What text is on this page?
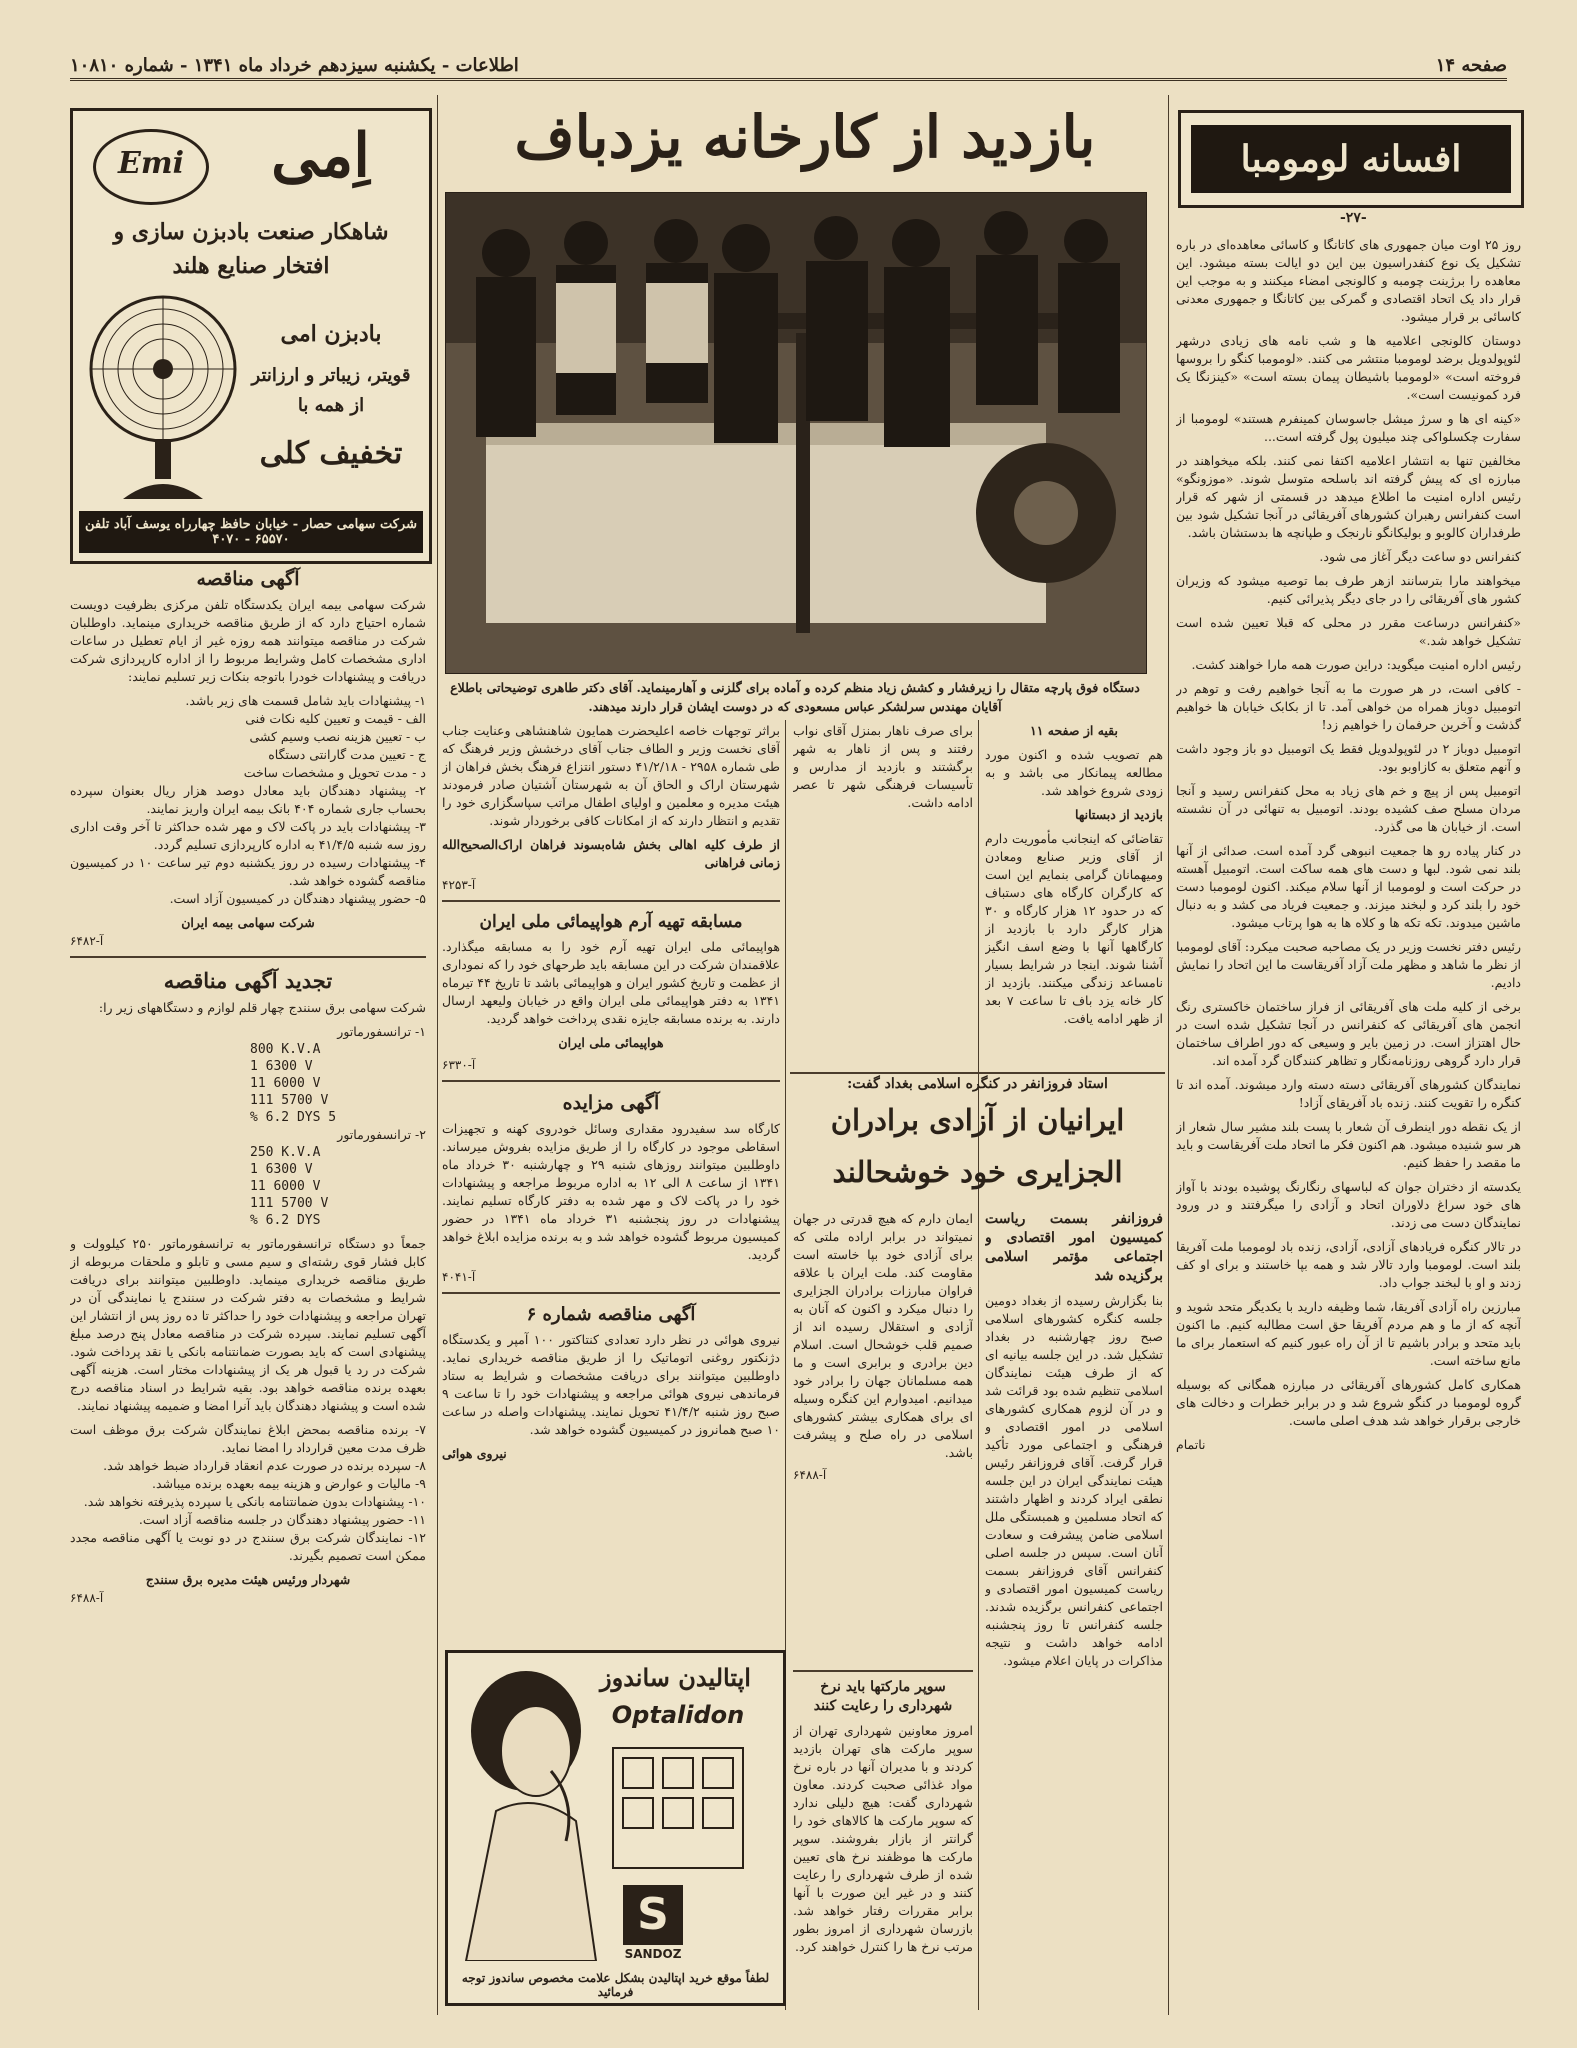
صفحه ۱۴
اطلاعات - یکشنبه سیزدهم خرداد ماه ۱۳۴۱ - شماره ۱۰۸۱۰
افسانه لومومبا
-۲۷-

روز ۲۵ اوت میان جمهوری های کاتانگا و کاسائی معاهده‌ای در باره تشکیل یک نوع کنفدراسیون بین این دو ایالت بسته میشود. این معاهده را برژینت چومبه و کالونجی امضاء میکنند و به موجب این قرار داد یک اتحاد اقتصادی و گمرکی بین کاتانگا و جمهوری معدنی کاسائی بر قرار میشود.

دوستان کالونجی اعلامیه ها و شب نامه های زیادی درشهر لئوپولدویل برضد لومومبا منتشر می کنند. «لومومبا کنگو را بروسها فروخته است» «لومومبا باشیطان پیمان بسته است» «کینزنگا یک فرد کمونیست است».

«کینه ای ها و سرژ میشل جاسوسان کمینفرم هستند» لومومبا از سفارت چکسلواکی چند میلیون پول گرفته است...

مخالفین تنها به انتشار اعلامیه اکتفا نمی کنند. بلکه میخواهند در مبارزه ای که پیش گرفته اند باسلحه متوسل شوند. «موزونگو» رئیس اداره امنیت ما اطلاع میدهد در قسمتی از شهر که قرار است کنفرانس رهبران کشورهای آفریقائی در آنجا تشکیل شود بین طرفداران کالوبو و بولیکانگو نارنجک و طپانچه ها بدستشان باشد.

کنفرانس دو ساعت دیگر آغاز می شود.

میخواهند مارا بترسانند ازهر طرف بما توصیه میشود که وزیران کشور های آفریقائی را در جای دیگر پذیرائی کنیم.

«کنفرانس درساعت مقرر در محلی که قبلا تعیین شده است تشکیل خواهد شد.»

رئیس اداره امنیت میگوید: دراین صورت همه مارا خواهند کشت.

- کافی است، در هر صورت ما به آنجا خواهیم رفت و توهم در اتومبیل دوباز همراه من خواهی آمد. تا از بکابک خیابان ها خواهیم گذشت و آخرین حرفمان را خواهیم زد!

اتومبیل دوباز ۲ در لئوپولدویل فقط یک اتومبیل دو باز وجود داشت و آنهم متعلق به کازاوبو بود.

اتومبیل پس از پیچ و خم های زیاد به محل کنفرانس رسید و آنجا مردان مسلح صف کشیده بودند. اتومبیل به تنهائی در آن نشسته است. از خیابان ها می گذرد.

در کنار پیاده رو ها جمعیت انبوهی گرد آمده است. صدائی از آنها بلند نمی شود. لبها و دست های همه ساکت است. اتومبیل آهسته در حرکت است و لومومبا از آنها سلام میکند. اکنون لومومبا دست خود را بلند کرد و لبخند میزند. و جمعیت فریاد می کشد و به دنبال ماشین میدوند. تکه تکه ها و کلاه ها به هوا پرتاب میشود.

رئیس دفتر نخست وزیر در یک مصاحبه صحبت میکرد: آقای لومومبا از نظر ما شاهد و مظهر ملت آزاد آفریقاست ما این اتحاد را نمایش دادیم.

برخی از کلیه ملت های آفریقائی از فراز ساختمان خاکستری رنگ انجمن های آفریقائی که کنفرانس در آنجا تشکیل شده است در حال اهتزاز است. در زمین بایر و وسیعی که دور اطراف ساختمان قرار دارد گروهی روزنامه‌نگار و تظاهر کنندگان گرد آمده اند.

نمایندگان کشورهای آفریقائی دسته دسته وارد میشوند. آمده اند تا کنگره را تقویت کنند. زنده باد آفریقای آزاد!

از یک نقطه دور اینطرف آن شعار با پست بلند مشیر سال شعار از هر سو شنیده میشود. هم اکنون فکر ما اتحاد ملت آفریقاست و باید ما مقصد را حفظ کنیم.

یکدسته از دختران جوان که لباسهای رنگارنگ پوشیده بودند با آواز های خود سراغ دلاوران اتحاد و آزادی را میگرفتند و در ورود نمایندگان دست می زدند.

در تالار کنگره فریادهای آزادی، آزادی، زنده باد لومومبا ملت آفریقا بلند است. لومومبا وارد تالار شد و همه بپا خاستند و برای او کف زدند و او با لبخند جواب داد.

مبارزین راه آزادی آفریقا، شما وظیفه دارید با یکدیگر متحد شوید و آنچه که از ما و هم مردم آفریقا حق است مطالبه کنیم. ما اکنون باید متحد و برادر باشیم تا از آن راه عبور کنیم که استعمار برای ما مانع ساخته است.

همکاری کامل کشورهای آفریقائی در مبارزه همگانی که بوسیله گروه لومومبا در کنگو شروع شد و در برابر خطرات و دخالت های خارجی برقرار خواهد شد هدف اصلی ماست.

ناتمام

بازدید از کارخانه یزدباف
دستگاه فوق پارچه متقال را زیرفشار و کشش زیاد منظم کرده و آماده برای گلزنی و آهارمینماید. آقای دکتر طاهری توضیحاتی باطلاع آقایان مهندس سرلشکر عباس مسعودی که در دوست ایشان قرار دارند میدهند.

بقیه از صفحه ۱۱

هم تصویب شده و اکنون مورد مطالعه پیمانکار می باشد و به زودی شروع خواهد شد.

بازدید از دبستانها

تقاضائی که اینجانب مأموریت دارم از آقای وزیر صنایع ومعادن ومیهمانان گرامی بنمایم این است که کارگران کارگاه های دستباف که در حدود ۱۲ هزار کارگاه و ۳۰ هزار کارگر دارد با بازدید از کارگاهها آنها با وضع اسف انگیز آشنا شوند. اینجا در شرایط بسیار نامساعد زندگی میکنند. بازدید از کار خانه یزد باف تا ساعت ۷ بعد از ظهر ادامه یافت.

برای صرف ناهار بمنزل آقای نواب رفتند و پس از ناهار به شهر برگشتند و بازدید از مدارس و تأسیسات فرهنگی شهر تا عصر ادامه داشت.

استاد فروزانفر در کنگره اسلامی بغداد گفت:
ایرانیان از آزادی برادران الجزایری خود خوشحالند

فروزانفر بسمت ریاست کمیسیون امور اقتصادی و اجتماعی مؤتمر اسلامی برگزیده شد

بنا بگزارش رسیده از بغداد دومین جلسه کنگره کشورهای اسلامی صبح روز چهارشنبه در بغداد تشکیل شد. در این جلسه بیانیه ای که از طرف هیئت نمایندگان اسلامی تنظیم شده بود قرائت شد و در آن لزوم همکاری کشورهای اسلامی در امور اقتصادی و فرهنگی و اجتماعی مورد تأکید قرار گرفت. آقای فروزانفر رئیس هیئت نمایندگی ایران در این جلسه نطقی ایراد کردند و اظهار داشتند که اتحاد مسلمین و همبستگی ملل اسلامی ضامن پیشرفت و سعادت آنان است. سپس در جلسه اصلی کنفرانس آقای فروزانفر بسمت ریاست کمیسیون امور اقتصادی و اجتماعی کنفرانس برگزیده شدند. جلسه کنفرانس تا روز پنجشنبه ادامه خواهد داشت و نتیجه مذاکرات در پایان اعلام میشود.

ایمان دارم که هیچ قدرتی در جهان نمیتواند در برابر اراده ملتی که برای آزادی خود بپا خاسته است مقاومت کند. ملت ایران با علاقه فراوان مبارزات برادران الجزایری را دنبال میکرد و اکنون که آنان به آزادی و استقلال رسیده اند از صمیم قلب خوشحال است. اسلام دین برادری و برابری است و ما همه مسلمانان جهان را برادر خود میدانیم. امیدوارم این کنگره وسیله ای برای همکاری بیشتر کشورهای اسلامی در راه صلح و پیشرفت باشد.

آ-۶۴۸۸

سوپر مارکتها باید نرخ شهرداری را رعایت کنند

امروز معاونین شهرداری تهران از سوپر مارکت های تهران بازدید کردند و با مدیران آنها در باره نرخ مواد غذائی صحبت کردند. معاون شهرداری گفت: هیچ دلیلی ندارد که سوپر مارکت ها کالاهای خود را گرانتر از بازار بفروشند. سوپر مارکت ها موظفند نرخ های تعیین شده از طرف شهرداری را رعایت کنند و در غیر این صورت با آنها برابر مقررات رفتار خواهد شد. بازرسان شهرداری از امروز بطور مرتب نرخ ها را کنترل خواهند کرد.

براثر توجهات خاصه اعلیحضرت همایون شاهنشاهی وعنایت جناب آقای نخست وزیر و الطاف جناب آقای درخشش وزیر فرهنگ که طی شماره ۲۹۵۸ - ۴۱/۲/۱۸ دستور انتزاع فرهنگ بخش فراهان از شهرستان اراک و الحاق آن به شهرستان آشتیان صادر فرمودند هیئت مدیره و معلمین و اولیای اطفال مراتب سپاسگزاری خود را تقدیم و انتظار دارند که از امکانات کافی برخوردار شوند.

از طرف کلیه اهالی بخش شاه‌بسوند فراهان اراک‌الصحیح‌الله زمانی فراهانی

آ-۴۲۵۳
مسابقه تهیه آرم هواپیمائی ملی ایران

هواپیمائی ملی ایران تهیه آرم خود را به مسابقه میگذارد. علاقمندان شرکت در این مسابقه باید طرحهای خود را که نموداری از عظمت و تاریخ کشور ایران و هواپیمائی باشد تا تاریخ ۴۴ تیرماه ۱۳۴۱ به دفتر هواپیمائی ملی ایران واقع در خیابان ولیعهد ارسال دارند. به برنده مسابقه جایزه نقدی پرداخت خواهد گردید.

هواپیمائی ملی ایران

آ-۶۳۳۰
آگهی مزایده

کارگاه سد سفیدرود مقداری وسائل خودروی کهنه و تجهیزات اسقاطی موجود در کارگاه را از طریق مزایده بفروش میرساند. داوطلبین میتوانند روزهای شنبه ۲۹ و چهارشنبه ۳۰ خرداد ماه ۱۳۴۱ از ساعت ۸ الی ۱۲ به اداره مربوط مراجعه و پیشنهادات خود را در پاکت لاک و مهر شده به دفتر کارگاه تسلیم نمایند. پیشنهادات در روز پنجشنبه ۳۱ خرداد ماه ۱۳۴۱ در حضور کمیسیون مربوط گشوده خواهد شد و به برنده مزایده ابلاغ خواهد گردید.

آ-۴۰۴۱
آگهی مناقصه شماره ۶

نیروی هوائی در نظر دارد تعدادی کنتاکتور ۱۰۰ آمپر و یکدستگاه دژنکتور روغنی اتوماتیک را از طریق مناقصه خریداری نماید. داوطلبین میتوانند برای دریافت مشخصات و شرایط به ستاد فرماندهی نیروی هوائی مراجعه و پیشنهادات خود را تا ساعت ۹ صبح روز شنبه ۴۱/۴/۲ تحویل نمایند. پیشنهادات واصله در ساعت ۱۰ صبح همانروز در کمیسیون گشوده خواهد شد.

نیروی هوائی

اپتالیدن ساندوز
Optalidon
S
SANDOZ
لطفاً موقع خرید اپتالیدن بشکل علامت مخصوص ساندوز توجه فرمائید
Emi	اِمی
شاهکار صنعت بادبزن سازی و
افتخار صنایع هلند
بادبزن امی
قویتر، زیباتر و ارزانتر از همه با
تخفیف کلی
شرکت سهامی حصار - خیابان حافظ چهارراه یوسف آباد تلفن ۶۵۵۷۰ - ۴۰۷۰
آگهی مناقصه

شرکت سهامی بیمه ایران یکدستگاه تلفن مرکزی بظرفیت دویست شماره احتیاج دارد که از طریق مناقصه خریداری مینماید. داوطلبان شرکت در مناقصه میتوانند همه روزه غیر از ایام تعطیل در ساعات اداری مشخصات کامل وشرایط مربوط را از اداره کارپردازی شرکت دریافت و پیشنهادات خودرا باتوجه بنکات زیر تسلیم نمایند:

۱- پیشنهادات باید شامل قسمت های زیر باشد.

الف - قیمت و تعیین کلیه نکات فنی

ب - تعیین هزینه نصب وسیم کشی

ج - تعیین مدت گارانتی دستگاه

د - مدت تحویل و مشخصات ساخت

۲- پیشنهاد دهندگان باید معادل دوصد هزار ریال بعنوان سپرده بحساب جاری شماره ۴۰۴ بانک بیمه ایران واریز نمایند.

۳- پیشنهادات باید در پاکت لاک و مهر شده حداکثر تا آخر وقت اداری روز سه شنبه ۴۱/۴/۵ به اداره کارپردازی تسلیم گردد.

۴- پیشنهادات رسیده در روز یکشنبه دوم تیر ساعت ۱۰ در کمیسیون مناقصه گشوده خواهد شد.

۵- حضور پیشنهاد دهندگان در کمیسیون آزاد است.

شرکت سهامی بیمه ایران

آ-۶۴۸۲
تجدید آگهی مناقصه

شرکت سهامی برق سنندج چهار قلم لوازم و دستگاههای زیر را:

۱- ترانسفورماتور

800 K.V.A
1 6300 V
11 6000 V
111 5700 V
% 6.2 DYS 5

۲- ترانسفورماتور

250 K.V.A
1 6300 V
11 6000 V
111 5700 V
% 6.2 DYS

جمعاً دو دستگاه ترانسفورماتور به ترانسفورماتور ۲۵۰ کیلوولت و کابل فشار قوی رشته‌ای و سیم مسی و تابلو و ملحقات مربوطه از طریق مناقصه خریداری مینماید. داوطلبین میتوانند برای دریافت شرایط و مشخصات به دفتر شرکت در سنندج یا نمایندگی آن در تهران مراجعه و پیشنهادات خود را حداکثر تا ده روز پس از انتشار این آگهی تسلیم نمایند. سپرده شرکت در مناقصه معادل پنج درصد مبلغ پیشنهادی است که باید بصورت ضمانتنامه بانکی یا نقد پرداخت شود. شرکت در رد یا قبول هر یک از پیشنهادات مختار است. هزینه آگهی بعهده برنده مناقصه خواهد بود. بقیه شرایط در اسناد مناقصه درج شده است و پیشنهاد دهندگان باید آنرا امضا و ضمیمه پیشنهاد نمایند.

۷- برنده مناقصه بمحض ابلاغ نمایندگان شرکت برق موظف است ظرف مدت معین قرارداد را امضا نماید.

۸- سپرده برنده در صورت عدم انعقاد قرارداد ضبط خواهد شد.

۹- مالیات و عوارض و هزینه بیمه بعهده برنده میباشد.

۱۰- پیشنهادات بدون ضمانتنامه بانکی یا سپرده پذیرفته نخواهد شد.

۱۱- حضور پیشنهاد دهندگان در جلسه مناقصه آزاد است.

۱۲- نمایندگان شرکت برق سنندج در دو نوبت یا آگهی مناقصه مجدد ممکن است تصمیم بگیرند.

شهردار ورئیس هیئت مدیره برق سنندج

آ-۶۴۸۸
